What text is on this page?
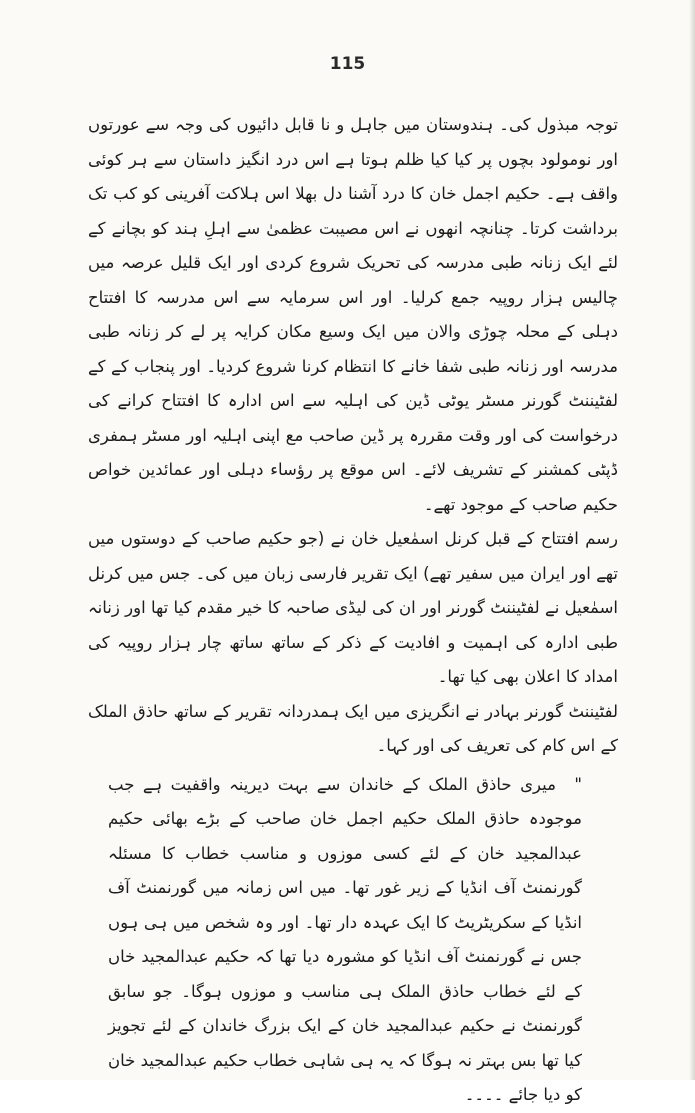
115

توجہ مبذول کی۔ ہندوستان میں جاہل و نا قابل دائیوں کی وجہ سے عورتوں اور نومولود بچوں پر کیا کیا ظلم ہوتا ہے اس درد انگیز داستان سے ہر کوئی واقف ہے۔ حکیم اجمل خان کا درد آشنا دل بھلا اس ہلاکت آفرینی کو کب تک برداشت کرتا۔ چنانچہ انھوں نے اس مصیبت عظمیٰ سے اہلِ ہند کو بچانے کے لئے ایک زنانہ طبی مدرسہ کی تحریک شروع کردی اور ایک قلیل عرصہ میں چالیس ہزار روپیہ جمع کرلیا۔ اور اس سرمایہ سے اس مدرسہ کا افتتاح دہلی کے محلہ چوڑی والان میں ایک وسیع مکان کرایہ پر لے کر زنانہ طبی مدرسہ اور زنانہ طبی شفا خانے کا انتظام کرنا شروع کردیا۔ اور پنجاب کے کے لفٹیننٹ گورنر مسٹر یوٹی ڈین کی اہلیہ سے اس ادارہ کا افتتاح کرانے کی درخواست کی اور وقت مقررہ پر ڈین صاحب مع اپنی اہلیہ اور مسٹر ہمفری ڈپٹی کمشنر کے تشریف لائے۔ اس موقع پر رؤساء دہلی اور عمائدین خواص حکیم صاحب کے موجود تھے۔

رسم افتتاح کے قبل کرنل اسمٰعیل خان نے (جو حکیم صاحب کے دوستوں میں تھے اور ایران میں سفیر تھے) ایک تقریر فارسی زبان میں کی۔ جس میں کرنل اسمٰعیل نے لفٹیننٹ گورنر اور ان کی لیڈی صاحبہ کا خیر مقدم کیا تھا اور زنانہ طبی ادارہ کی اہمیت و افادیت کے ذکر کے ساتھ ساتھ چار ہزار روپیہ کی امداد کا اعلان بھی کیا تھا۔

لفٹیننٹ گورنر بہادر نے انگریزی میں ایک ہمدردانہ تقریر کے ساتھ حاذق الملک کے اس کام کی تعریف کی اور کہا۔

" میری حاذق الملک کے خاندان سے بہت دیرینہ واقفیت ہے جب موجودہ حاذق الملک حکیم اجمل خان صاحب کے بڑے بھائی حکیم عبدالمجید خان کے لئے کسی موزوں و مناسب خطاب کا مسئلہ گورنمنٹ آف انڈیا کے زیر غور تھا۔ میں اس زمانہ میں گورنمنٹ آف انڈیا کے سکریٹریٹ کا ایک عہدہ دار تھا۔ اور وہ شخص میں ہی ہوں جس نے گورنمنٹ آف انڈیا کو مشورہ دیا تھا کہ حکیم عبدالمجید خاں کے لئے خطاب حاذق الملک ہی مناسب و موزوں ہوگا۔ جو سابق گورنمنٹ نے حکیم عبدالمجید خان کے ایک بزرگ خاندان کے لئے تجویز کیا تھا بس بہتر نہ ہوگا کہ یہ ہی شاہی خطاب حکیم عبدالمجید خان کو دیا جائے ۔۔۔۔
